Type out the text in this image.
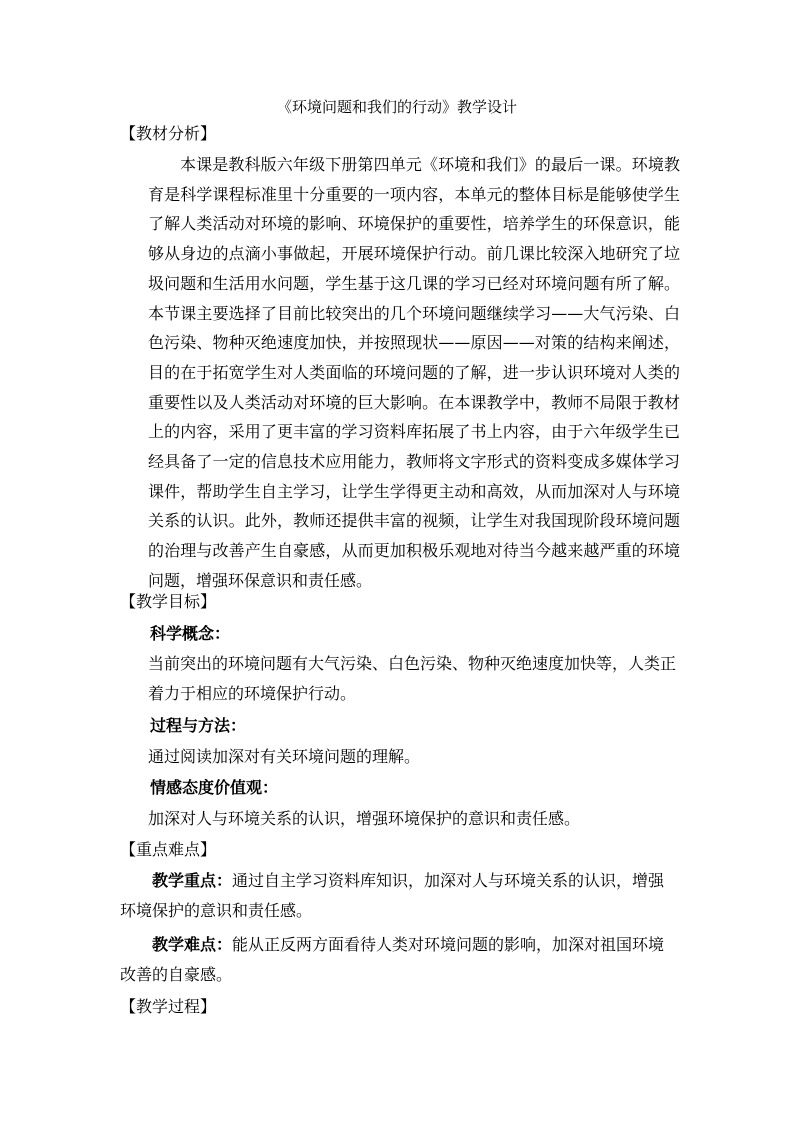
《环境问题和我们的行动》教学设计
【教材分析】

本课是教科版六年级下册第四单元《环境和我们》的最后一课。环境教育是科学课程标准里十分重要的一项内容，本单元的整体目标是能够使学生了解人类活动对环境的影响、环境保护的重要性，培养学生的环保意识，能够从身边的点滴小事做起，开展环境保护行动。前几课比较深入地研究了垃圾问题和生活用水问题，学生基于这几课的学习已经对环境问题有所了解。本节课主要选择了目前比较突出的几个环境问题继续学习——大气污染、白色污染、物种灭绝速度加快，并按照现状——原因——对策的结构来阐述，目的在于拓宽学生对人类面临的环境问题的了解，进一步认识环境对人类的重要性以及人类活动对环境的巨大影响。在本课教学中，教师不局限于教材上的内容，采用了更丰富的学习资料库拓展了书上内容，由于六年级学生已经具备了一定的信息技术应用能力，教师将文字形式的资料变成多媒体学习课件，帮助学生自主学习，让学生学得更主动和高效，从而加深对人与环境关系的认识。此外，教师还提供丰富的视频，让学生对我国现阶段环境问题的治理与改善产生自豪感，从而更加积极乐观地对待当今越来越严重的环境问题，增强环保意识和责任感。

【教学目标】
科学概念：

当前突出的环境问题有大气污染、白色污染、物种灭绝速度加快等，人类正着力于相应的环境保护行动。

过程与方法：

通过阅读加深对有关环境问题的理解。

情感态度价值观：

加深对人与环境关系的认识，增强环境保护的意识和责任感。

【重点难点】

教学重点：通过自主学习资料库知识，加深对人与环境关系的认识，增强环境保护的意识和责任感。

教学难点：能从正反两方面看待人类对环境问题的影响，加深对祖国环境改善的自豪感。

【教学过程】
